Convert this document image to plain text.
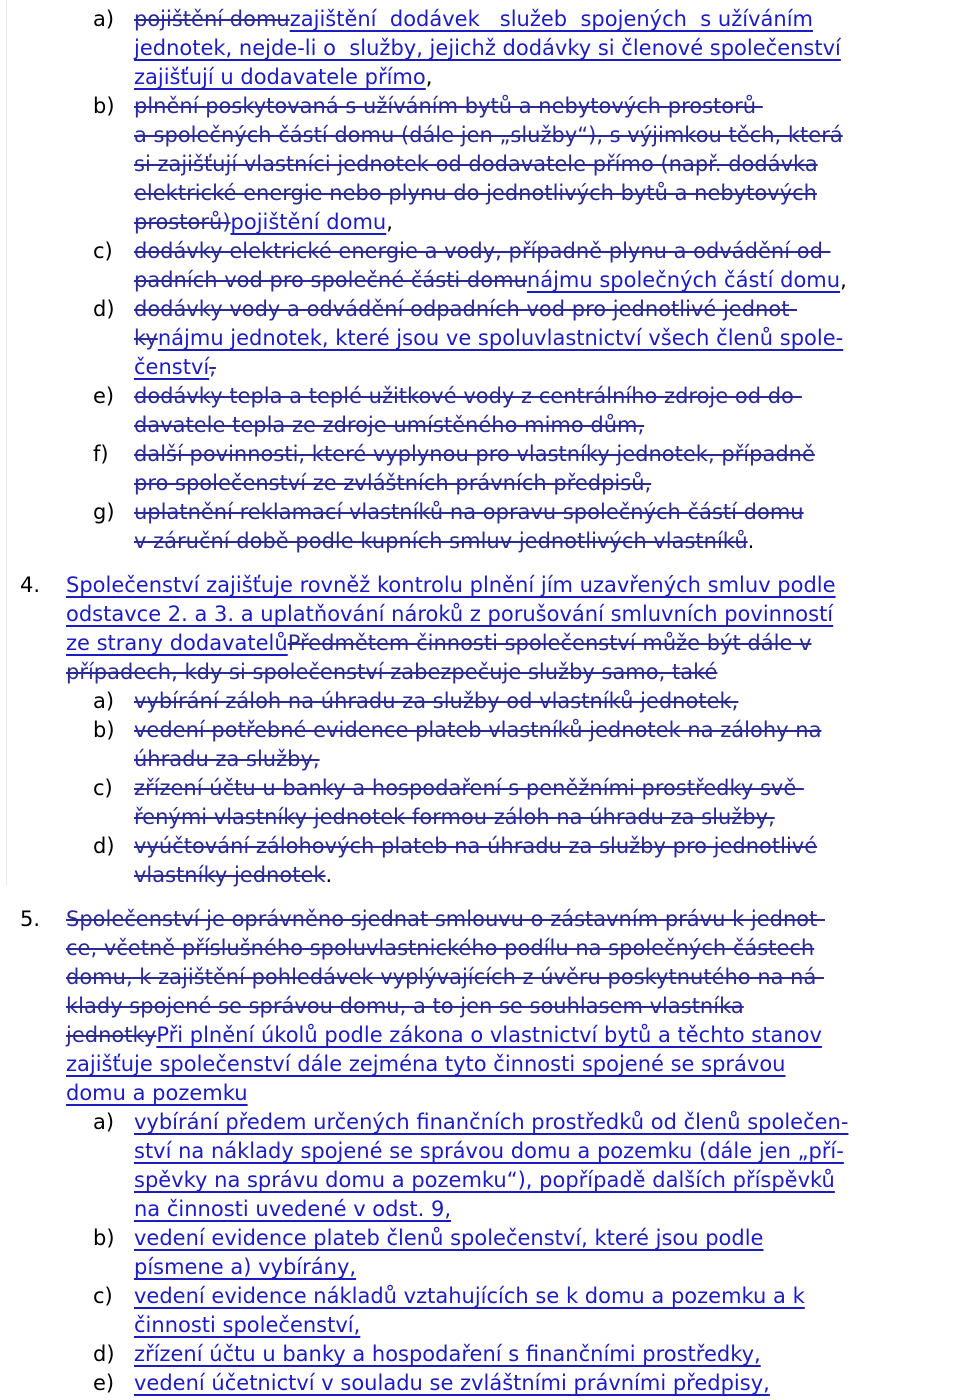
a) pojištění domuzajištění  dodávek   služeb  spojených  s užíváním
jednotek, nejde-li o  služby, jejichž dodávky si členové společenství
zajišťují u dodavatele přímo,
b) plnění poskytovaná s užíváním bytů a nebytových prostorů
a společných částí domu (dále jen „služby“), s výjimkou těch, která
si zajišťují vlastníci jednotek od dodavatele přímo (např. dodávka
elektrické energie nebo plynu do jednotlivých bytů a nebytových
prostorů)pojištění domu,
c) dodávky elektrické energie a vody, případně plynu a odvádění od-
padních vod pro společné části domunájmu společných částí domu,
d) dodávky vody a odvádění odpadních vod pro jednotlivé jednot-
kynájmu jednotek, které jsou ve spoluvlastnictví všech členů spole-
čenství,
e) dodávky tepla a teplé užitkové vody z centrálního zdroje od do-
davatele tepla ze zdroje umístěného mimo dům,
f) další povinnosti, které vyplynou pro vlastníky jednotek, případně
pro společenství ze zvláštních právních předpisů,
g) uplatnění reklamací vlastníků na opravu společných částí domu
v záruční době podle kupních smluv jednotlivých vlastníků.
4. Společenství zajišťuje rovněž kontrolu plnění jím uzavřených smluv podle
odstavce 2. a 3. a uplatňování nároků z porušování smluvních povinností
ze strany dodavatelůPředmětem činnosti společenství může být dále v
případech, kdy si společenství zabezpečuje služby samo, také
a) vybírání záloh na úhradu za služby od vlastníků jednotek,
b) vedení potřebné evidence plateb vlastníků jednotek na zálohy na
úhradu za služby,
c) zřízení účtu u banky a hospodaření s peněžními prostředky svě-
řenými vlastníky jednotek formou záloh na úhradu za služby,
d) vyúčtování zálohových plateb na úhradu za služby pro jednotlivé
vlastníky jednotek.
5. Společenství je oprávněno sjednat smlouvu o zástavním právu k jednot-
ce, včetně příslušného spoluvlastnického podílu na společných částech
domu, k zajištění pohledávek vyplývajících z úvěru poskytnutého na ná-
klady spojené se správou domu, a to jen se souhlasem vlastníka
jednotkyPři plnění úkolů podle zákona o vlastnictví bytů a těchto stanov
zajišťuje společenství dále zejména tyto činnosti spojené se správou
domu a pozemku
a) vybírání předem určených finančních prostředků od členů společen-
ství na náklady spojené se správou domu a pozemku (dále jen „pří-
spěvky na správu domu a pozemku“), popřípadě dalších příspěvků
na činnosti uvedené v odst. 9,
b) vedení evidence plateb členů společenství, které jsou podle
písmene a) vybírány,
c) vedení evidence nákladů vztahujících se k domu a pozemku a k
činnosti společenství,
d) zřízení účtu u banky a hospodaření s finančními prostředky,
e) vedení účetnictví v souladu se zvláštními právními předpisy,
